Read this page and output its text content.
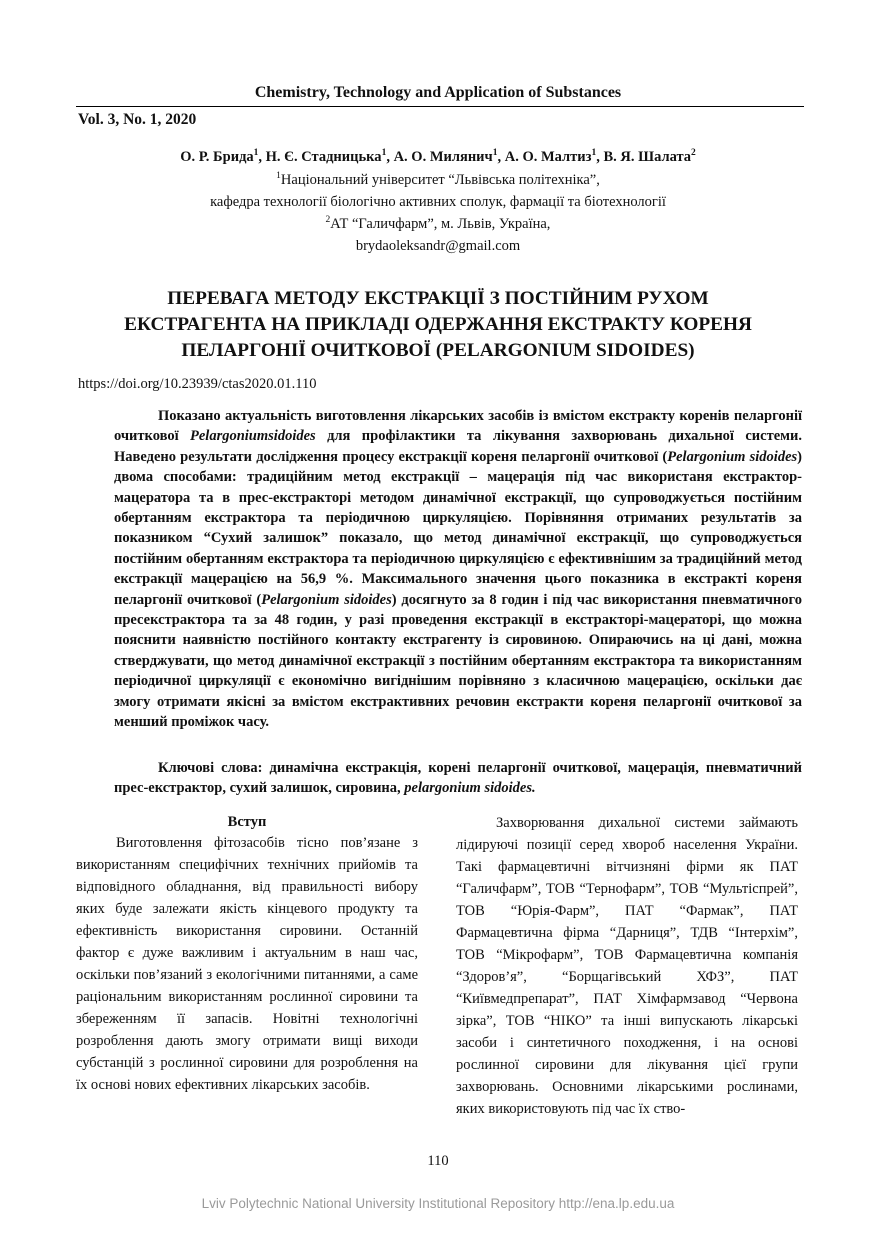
Chemistry, Technology and Application of Substances
Vol. 3, No. 1, 2020
О. Р. Брида$^1$, Н. Є. Стадницька$^1$, А. О. Милянич$^1$, А. О. Малтиз$^1$, В. Я. Шалата$^2$
$^1$Національний університет “Львівська політехніка”,
кафедра технології біологічно активних сполук, фармації та біотехнології
$^2$АТ “Галичфарм”, м. Львів, Україна,
brydaoleksandr@gmail.com
ПЕРЕВАГА МЕТОДУ ЕКСТРАКЦІЇ З ПОСТІЙНИМ РУХОМ
ЕКСТРАГЕНТА НА ПРИКЛАДІ ОДЕРЖАННЯ ЕКСТРАКТУ КОРЕНЯ
ПЕЛАРГОНІЇ ОЧИТКОВОЇ (PELARGONIUM SIDOIDES)
https://doi.org/10.23939/ctas2020.01.110

Показано актуальність виготовлення лікарських засобів із вмістом екстракту коренів пеларгонії очиткової Pelargoniumsidoides для профілактики та лікування захворювань дихальної системи. Наведено результати дослідження процесу екстракції кореня пеларгонії очиткової (Pelargonium sidoides) двома способами: традиційним метод екстракції – мацерація під час використаня екстрактор-мацератора та в прес-екстракторі методом динамічної екстракції, що супроводжується постійним обертанням екстрактора та періодичною циркуляцією. Порівняння отриманих результатів за показником “Сухий залишок” показало, що метод динамічної екстракції, що супроводжується постійним обертанням екстрактора та періодичною циркуляцією є ефективнішим за традиційний метод екстракції мацерацією на 56,9 %. Максимального значення цього показника в екстракті кореня пеларгонії очиткової (Pelargonium sidoides) досягнуто за 8 годин і під час використання пневматичного пресекстрактора та за 48 годин, у разі проведення екстракції в екстракторі-мацераторі, що можна пояснити наявністю постійного контакту екстрагенту із сировиною. Опираючись на ці дані, можна стверджувати, що метод динамічної екстракції з постійним обертанням екстрактора та використанням періодичної циркуляції є економічно вигіднішим порівняно з класичною мацерацією, оскільки дає змогу отримати якісні за вмістом екстрактивних речовин екстракти кореня пеларгонії очиткової за менший проміжок часу.

Ключові слова: динамічна екстракція, корені пеларгонії очиткової, мацерація, пневматичний прес-екстрактор, сухий залишок, сировина, pelargonium sidoides.

Вступ

Виготовлення фітозасобів тісно пов’язане з використанням специфічних технічних прийомів та відповідного обладнання, від правильності вибору яких буде залежати якість кінцевого продукту та ефективність використання сировини. Останній фактор є дуже важливим і актуальним в наш час, оскільки пов’язаний з екологічними питаннями, а саме раціональним використанням рослинної сировини та збереженням її запасів. Новітні технологічні розроблення дають змогу отримати вищі виходи субстанцій з рослинної сировини для розроблення на їх основі нових ефективних лікарських засобів.

Захворювання дихальної системи займають лідируючі позиції серед хвороб населення України. Такі фармацевтичні вітчизняні фірми як ПАТ “Галичфарм”, ТОВ “Тернофарм”, ТОВ “Мультіспрей”, ТОВ “Юрія-Фарм”, ПАТ “Фармак”, ПАТ Фармацевтична фірма “Дарниця”, ТДВ “Інтерхім”, ТОВ “Мікрофарм”, ТОВ Фармацевтична компанія “Здоров’я”, “Борщагівський ХФЗ”, ПАТ “Київмедпрепарат”, ПАТ Хімфармзавод “Червона зірка”, ТОВ “НІКО” та інші випускають лікарські засоби і синтетичного походження, і на основі рослинної сировини для лікування цієї групи захворювань. Основними лікарськими рослинами, яких використовують під час їх ство-

110
Lviv Polytechnic National University Institutional Repository http://ena.lp.edu.ua
